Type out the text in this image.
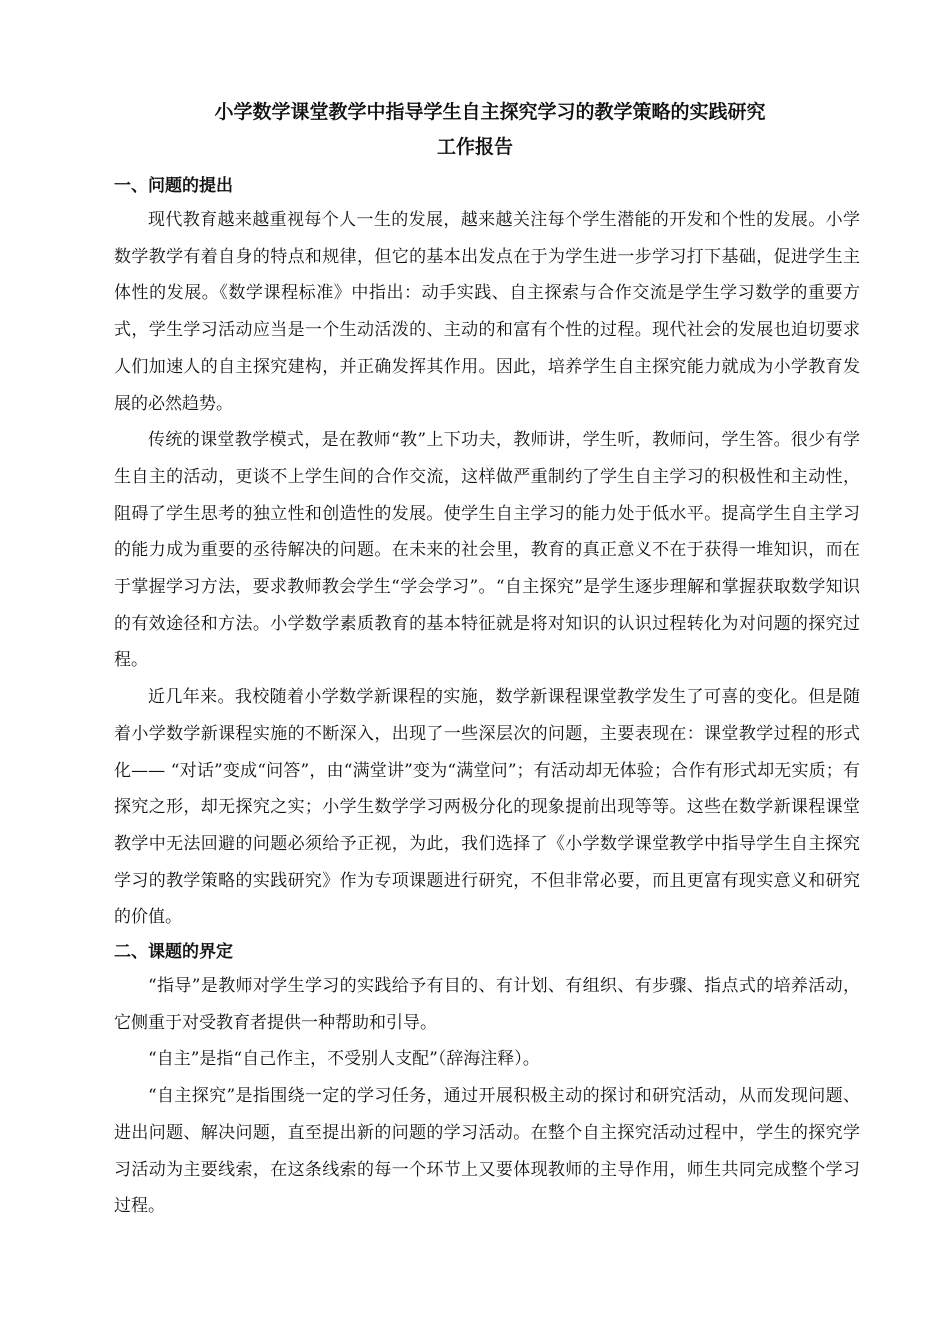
小学数学课堂教学中指导学生自主探究学习的教学策略的实践研究
工作报告

一、问题的提出

现代教育越来越重视每个人一生的发展，越来越关注每个学生潜能的开发和个性的发展。小学数学教学有着自身的特点和规律，但它的基本出发点在于为学生进一步学习打下基础，促进学生主体性的发展。《数学课程标准》中指出：动手实践、自主探索与合作交流是学生学习数学的重要方式，学生学习活动应当是一个生动活泼的、主动的和富有个性的过程。现代社会的发展也迫切要求人们加速人的自主探究建构，并正确发挥其作用。因此，培养学生自主探究能力就成为小学教育发展的必然趋势。

传统的课堂教学模式，是在教师“教”上下功夫，教师讲，学生听，教师问，学生答。很少有学生自主的活动，更谈不上学生间的合作交流，这样做严重制约了学生自主学习的积极性和主动性，阻碍了学生思考的独立性和创造性的发展。使学生自主学习的能力处于低水平。提高学生自主学习的能力成为重要的丞待解决的问题。在未来的社会里，教育的真正意义不在于获得一堆知识，而在于掌握学习方法，要求教师教会学生“学会学习”。“自主探究”是学生逐步理解和掌握获取数学知识的有效途径和方法。小学数学素质教育的基本特征就是将对知识的认识过程转化为对问题的探究过程。

近几年来。我校随着小学数学新课程的实施，数学新课程课堂教学发生了可喜的变化。但是随着小学数学新课程实施的不断深入，出现了一些深层次的问题，主要表现在：课堂教学过程的形式化—— “对话”变成“问答”，由“满堂讲”变为“满堂问”；有活动却无体验；合作有形式却无实质；有探究之形，却无探究之实；小学生数学学习两极分化的现象提前出现等等。这些在数学新课程课堂教学中无法回避的问题必须给予正视，为此，我们选择了《小学数学课堂教学中指导学生自主探究学习的教学策略的实践研究》作为专项课题进行研究，不但非常必要，而且更富有现实意义和研究的价值。

二、课题的界定

“指导”是教师对学生学习的实践给予有目的、有计划、有组织、有步骤、指点式的培养活动，它侧重于对受教育者提供一种帮助和引导。

“自主”是指“自己作主，不受别人支配”（辞海注释）。

“自主探究”是指围绕一定的学习任务，通过开展积极主动的探讨和研究活动，从而发现问题、进出问题、解决问题，直至提出新的问题的学习活动。在整个自主探究活动过程中，学生的探究学习活动为主要线索，在这条线索的每一个环节上又要体现教师的主导作用，师生共同完成整个学习过程。
